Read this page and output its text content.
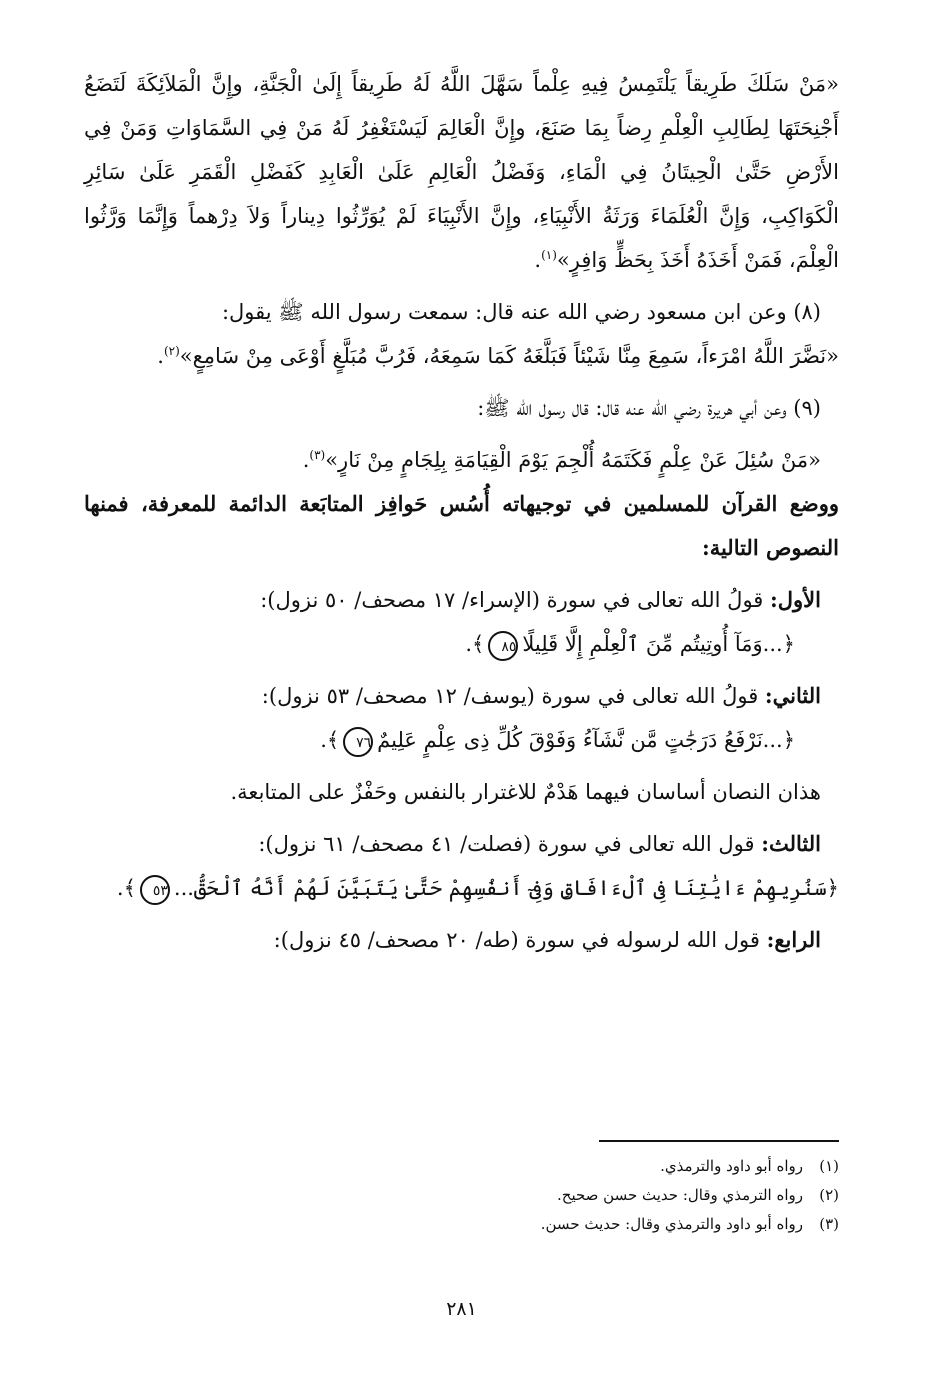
«مَنْ سَلَكَ طَرِيقاً يَلْتَمِسُ فِيهِ عِلْماً سَهَّلَ اللَّهُ لَهُ طَرِيقاً إِلَىٰ الْجَنَّةِ، وإِنَّ الْمَلاَئِكَةَ لَتَضَعُ أَجْنِحَتَهَا لِطَالِبِ الْعِلْمِ رِضاً بِمَا صَنَعَ، وإِنَّ الْعَالِمَ لَيَسْتَغْفِرُ لَهُ مَنْ فِي السَّمَاوَاتِ وَمَنْ فِي الأَرْضِ حَتَّىٰ الْحِيتَانُ فِي الْمَاءِ، وَفَضْلُ الْعَالِمِ عَلَىٰ الْعَابِدِ كَفَضْلِ الْقَمَرِ عَلَىٰ سَائِرِ الْكَوَاكِبِ، وَإِنَّ الْعُلَمَاءَ وَرَثَةُ الأَنْبِيَاءِ، وإِنَّ الأَنْبِيَاءَ لَمْ يُوَرِّثُوا دِيناراً وَلاَ دِرْهماً وَإِنَّمَا وَرَّثُوا الْعِلْمَ، فَمَنْ أَخَذَهُ أَخَذَ بِحَظٍّ وَافِرٍ»$^{(١)}$.

(٨) وعن ابن مسعود رضي الله عنه قال: سمعت رسول الله ﷺ يقول:

«نَضَّرَ اللَّهُ امْرَءاً، سَمِعَ مِنَّا شَيْئاً فَبَلَّغَهُ كَمَا سَمِعَهُ، فَرُبَّ مُبَلَّغٍ أَوْعَى مِنْ سَامِعٍ»$^{(٢)}$.

(٩) وعن أبي هريرة رضي الله عنه قال: قال رسول الله ﷺ:

«مَنْ سُئِلَ عَنْ عِلْمٍ فَكَتَمَهُ أُلْجِمَ يَوْمَ الْقِيَامَةِ بِلِجَامٍ مِنْ نَارٍ»$^{(٣)}$.

ووضع القرآن للمسلمين في توجيهاته أُسُس حَوافِز المتابَعة الدائمة للمعرفة، فمنها النصوص التالية:

الأول: قولُ الله تعالى في سورة (الإسراء/ ١٧ مصحف/ ٥٠ نزول):

﴿...وَمَآ أُوتِيتُم مِّنَ ٱلْعِلْمِ إِلَّا قَلِيلًا٨٥﴾.

الثاني: قولُ الله تعالى في سورة (يوسف/ ١٢ مصحف/ ٥٣ نزول):

﴿...نَرْفَعُ دَرَجَٰتٍ مَّن نَّشَآءُ وَفَوْقَ كُلِّ ذِى عِلْمٍ عَلِيمٌ٧٦﴾.

هذان النصان أساسان فيهما هَدْمٌ للاغترار بالنفس وحَفْزٌ على المتابعة.

الثالث: قول الله تعالى في سورة (فصلت/ ٤١ مصحف/ ٦١ نزول):

﴿سَنُرِيهِمْ ءَايَٰتِنَا فِى ٱلْءَافَاقِ وَفِىٓ أَنفُسِهِمْ حَتَّىٰ يَتَبَيَّنَ لَهُمْ أَنَّهُ ٱلْحَقُّ...٥٣﴾.

الرابع: قول الله لرسوله في سورة (طه/ ٢٠ مصحف/ ٤٥ نزول):

(١)رواه أبو داود والترمذي.

(٢)رواه الترمذي وقال: حديث حسن صحيح.

(٣)رواه أبو داود والترمذي وقال: حديث حسن.

٢٨١
